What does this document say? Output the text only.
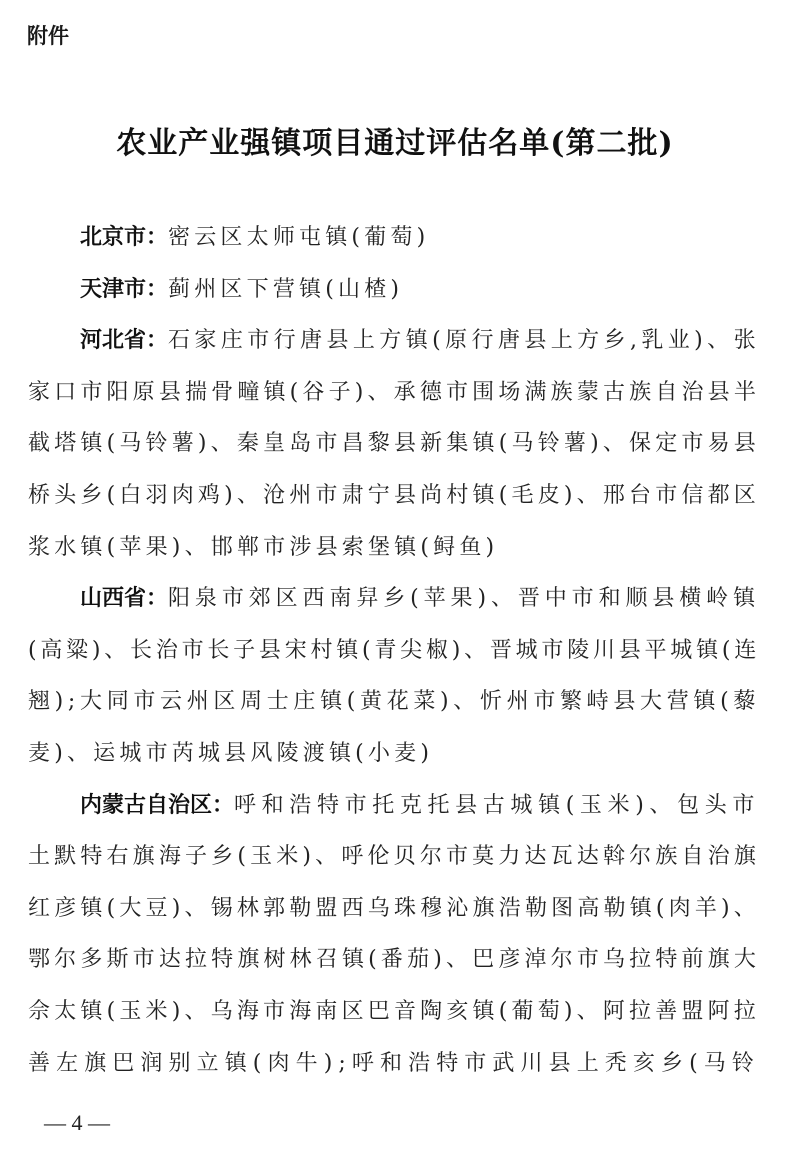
附件
农业产业强镇项目通过评估名单(第二批)
北京市：密云区太师屯镇(葡萄)
天津市：蓟州区下营镇(山楂)
河北省：石家庄市行唐县上方镇(原行唐县上方乡,乳业)、张
家口市阳原县揣骨疃镇(谷子)、承德市围场满族蒙古族自治县半
截塔镇(马铃薯)、秦皇岛市昌黎县新集镇(马铃薯)、保定市易县
桥头乡(白羽肉鸡)、沧州市肃宁县尚村镇(毛皮)、邢台市信都区
浆水镇(苹果)、邯郸市涉县索堡镇(鲟鱼)
山西省：阳泉市郊区西南舁乡(苹果)、晋中市和顺县横岭镇
(高粱)、长治市长子县宋村镇(青尖椒)、晋城市陵川县平城镇(连
翘);大同市云州区周士庄镇(黄花菜)、忻州市繁峙县大营镇(藜
麦)、运城市芮城县风陵渡镇(小麦)
内蒙古自治区：呼和浩特市托克托县古城镇(玉米)、包头市
土默特右旗海子乡(玉米)、呼伦贝尔市莫力达瓦达斡尔族自治旗
红彦镇(大豆)、锡林郭勒盟西乌珠穆沁旗浩勒图高勒镇(肉羊)、
鄂尔多斯市达拉特旗树林召镇(番茄)、巴彦淖尔市乌拉特前旗大
佘太镇(玉米)、乌海市海南区巴音陶亥镇(葡萄)、阿拉善盟阿拉
善左旗巴润别立镇(肉牛);呼和浩特市武川县上秃亥乡(马铃
— 4 —
